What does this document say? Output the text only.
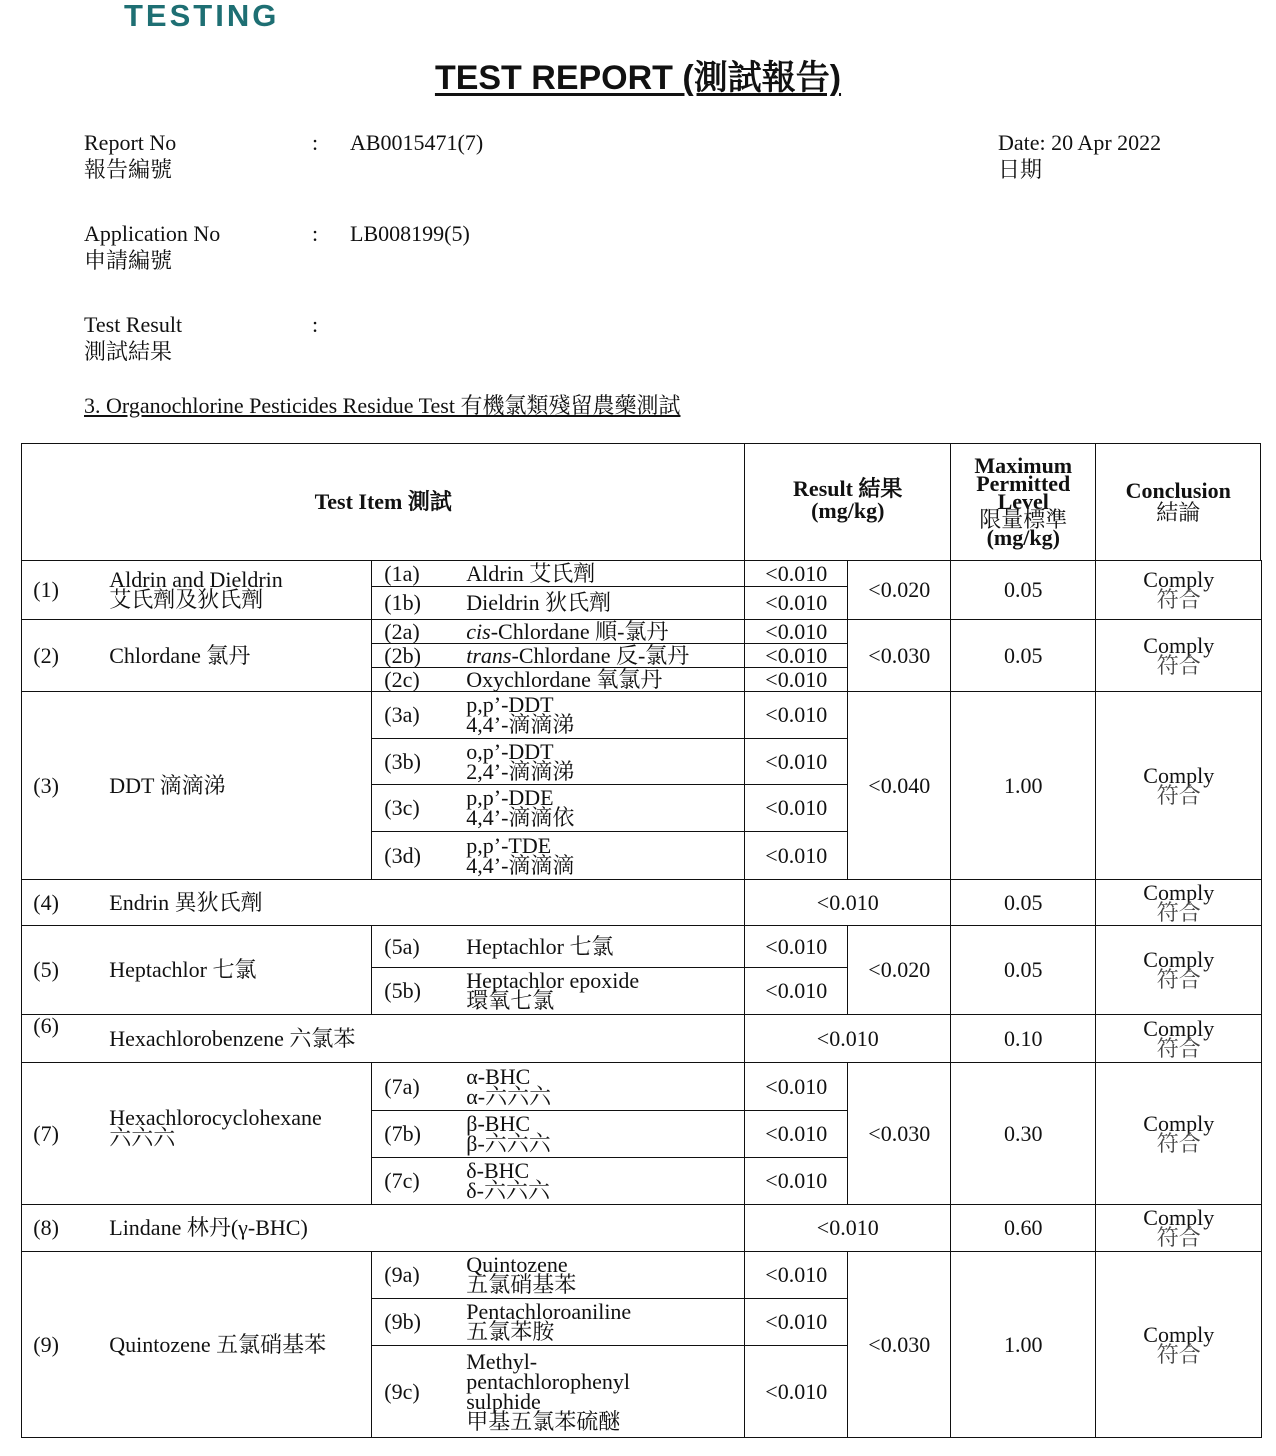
TESTING
TEST REPORT (測試報告)
Report No
報告編號
: AB0015471(7)	Date: 20 Apr 2022
日期
Application No
申請編號
: LB008199(5)
Test Result
測試結果
:
3. Organochlorine Pesticides Residue Test 有機氯類殘留農藥測試
Test Item 測試
Result 結果
(mg/kg)
Maximum
Permitted
Level
限量標準
(mg/kg)
Conclusion
結論
(1) Aldrin and Dieldrin
艾氏劑及狄氏劑
(1a) Aldrin 艾氏劑	<0.010
(1b) Dieldrin 狄氏劑	<0.010
<0.020	0.05	Comply
符合
(2) Chlordane 氯丹
(2a) cis-Chlordane 順-氯丹	<0.010
(2b) trans-Chlordane 反-氯丹	<0.010
(2c) Oxychlordane 氧氯丹	<0.010
<0.030	0.05	Comply
符合
(3) DDT 滴滴涕
(3a) p,p’-DDT
4,4’-滴滴涕	<0.010
(3b) o,p’-DDT
2,4’-滴滴涕	<0.010
(3c) p,p’-DDE
4,4’-滴滴依	<0.010
(3d) p,p’-TDE
4,4’-滴滴滴	<0.010
<0.040	1.00	Comply
符合
(4) Endrin 異狄氏劑	<0.010	0.05	Comply
符合
(5) Heptachlor 七氯
(5a) Heptachlor 七氯	<0.010
(5b) Heptachlor epoxide
環氧七氯	<0.010
<0.020	0.05	Comply
符合
(6) Hexachlorobenzene 六氯苯	<0.010	0.10	Comply
符合
(7)
Hexachlorocyclohexane
六六六
(7a) α-BHC
α-六六六	<0.010
(7b) β-BHC
β-六六六	<0.010
(7c) δ-BHC
δ-六六六	<0.010
<0.030	0.30	Comply
符合
(8) Lindane 林丹(γ-BHC)	<0.010	0.60	Comply
符合
(9) Quintozene 五氯硝基苯
(9a) Quintozene
五氯硝基苯	<0.010
(9b) Pentachloroaniline
五氯苯胺	<0.010
(9c)
Methyl-
pentachlorophenyl
sulphide
甲基五氯苯硫醚
<0.010
<0.030	1.00	Comply
符合
